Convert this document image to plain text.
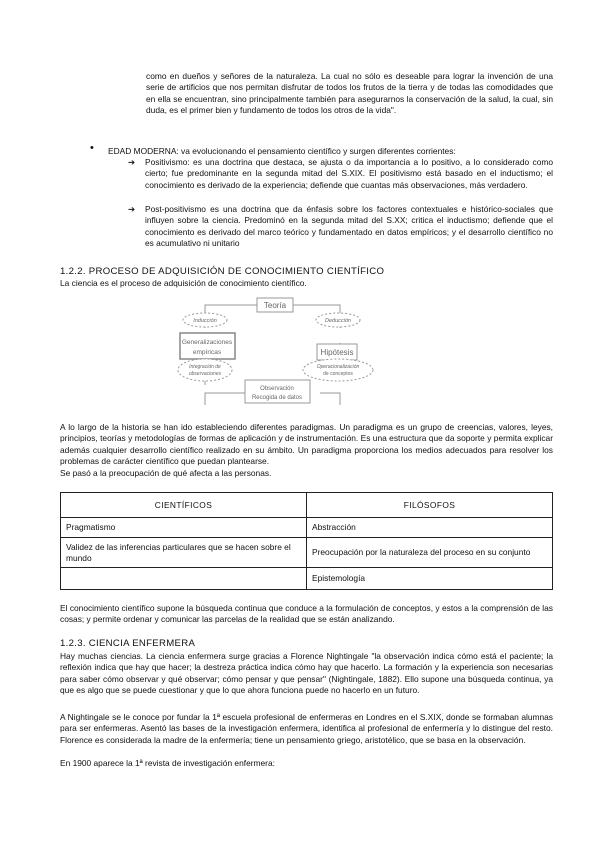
como en dueños y señores de la naturaleza. La cual no sólo es deseable para lograr la invención de una serie de artificios que nos permitan disfrutar de todos los frutos de la tierra y de todas las comodidades que en ella se encuentran, sino principalmente también para asegurarnos la conservación de la salud, la cual, sin duda, es el primer bien y fundamento de todos los otros de la vida".
• EDAD MODERNA: va evolucionando el pensamiento científico y surgen diferentes corrientes:
➔ Positivismo: es una doctrina que destaca, se ajusta o da importancia a lo positivo, a lo considerado como cierto; fue predominante en la segunda mitad del S.XIX. El positivismo está basado en el inductismo; el conocimiento es derivado de la experiencia; defiende que cuantas más observaciones, más verdadero.
➔ Post-positivismo es una doctrina que da énfasis sobre los factores contextuales e histórico-sociales que influyen sobre la ciencia. Predominó en la segunda mitad del S.XX; critica el inductismo; defiende que el conocimiento es derivado del marco teórico y fundamentado en datos empíricos; y el desarrollo científico no es acumulativo ni unitario
1.2.2. PROCESO DE ADQUISICIÓN DE CONOCIMIENTO CIENTÍFICO
La ciencia es el proceso de adquisición de conocimiento científico.
Teoría
Inducción	Deducción
Generalizaciones
empíricas	Hipótesis
Integración de
observaciones
Operacionalización
de conceptos
Observación
Recogida de datos
A lo largo de la historia se han ido estableciendo diferentes paradigmas. Un paradigma es un grupo de creencias, valores, leyes, principios, teorías y metodologías de formas de aplicación y de instrumentación. Es una estructura que da soporte y permita explicar además cualquier desarrollo científico realizado en su ámbito. Un paradigma proporciona los medios adecuados para resolver los problemas de carácter científico que puedan plantearse.
Se pasó a la preocupación de qué afecta a las personas.
CIENTÍFICOS	FILÓSOFOS
Pragmatismo	Abstracción
Validez de las inferencias particulares que se hacen sobre el mundo	Preocupación por la naturaleza del proceso en su conjunto
	Epistemología
El conocimiento científico supone la búsqueda continua que conduce a la formulación de conceptos, y estos a la comprensión de las cosas; y permite ordenar y comunicar las parcelas de la realidad que se están analizando.
1.2.3. CIENCIA ENFERMERA
Hay muchas ciencias. La ciencia enfermera surge gracias a Florence Nightingale "la observación indica cómo está el paciente; la reflexión indica que hay que hacer; la destreza práctica indica cómo hay que hacerlo. La formación y la experiencia son necesarias para saber cómo observar y qué observar; cómo pensar y que pensar" (Nightingale, 1882). Ello supone una búsqueda continua, ya que es algo que se puede cuestionar y que lo que ahora funciona puede no hacerlo en un futuro.
A Nightingale se le conoce por fundar la 1ª escuela profesional de enfermeras en Londres en el S.XIX, donde se formaban alumnas para ser enfermeras. Asentó las bases de la investigación enfermera, identifica al profesional de enfermería y lo distingue del resto. Florence es considerada la madre de la enfermería; tiene un pensamiento griego, aristotélico, que se basa en la observación.
En 1900 aparece la 1ª revista de investigación enfermera:
